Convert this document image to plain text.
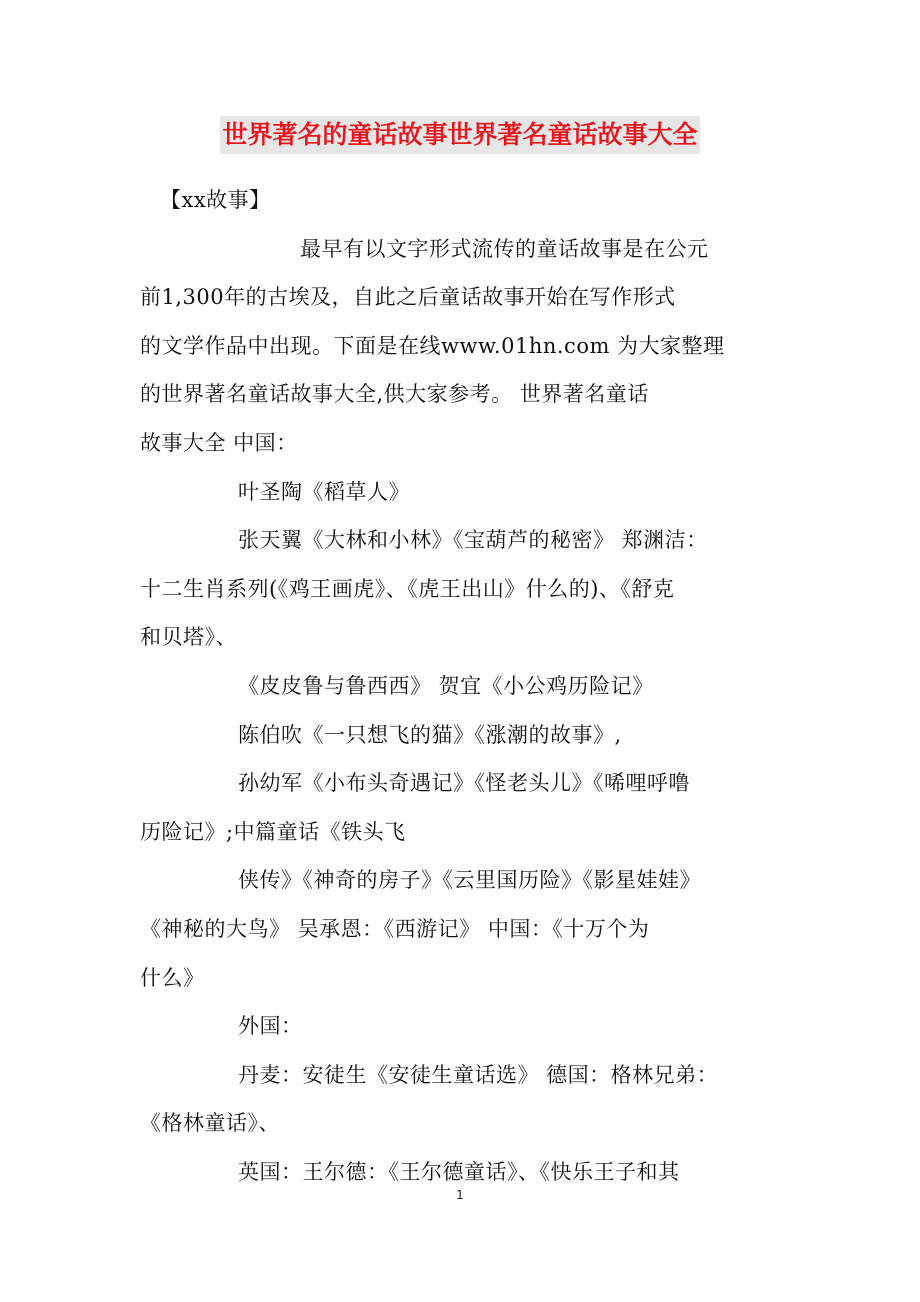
世界著名的童话故事世界著名童话故事大全
【xx故事】
最早有以文字形式流传的童话故事是在公元
前1,300年的古埃及，自此之后童话故事开始在写作形式
的文学作品中出现。下面是在线www.01hn.com 为大家整理
的世界著名童话故事大全,供大家参考。 世界著名童话
故事大全 中国：
叶圣陶《稻草人》
张天翼《大林和小林》《宝葫芦的秘密》 郑渊洁：
十二生肖系列(《鸡王画虎》、《虎王出山》什么的)、《舒克
和贝塔》、
《皮皮鲁与鲁西西》 贺宜《小公鸡历险记》
陈伯吹《一只想飞的猫》《涨潮的故事》,
孙幼军《小布头奇遇记》《怪老头儿》《唏哩呼噜
历险记》;中篇童话《铁头飞
侠传》《神奇的房子》《云里国历险》《影星娃娃》
《神秘的大鸟》 吴承恩：《西游记》 中国：《十万个为
什么》
外国：
丹麦：安徒生《安徒生童话选》 德国：格林兄弟：
《格林童话》、
英国：王尔德：《王尔德童话》、《快乐王子和其
1
